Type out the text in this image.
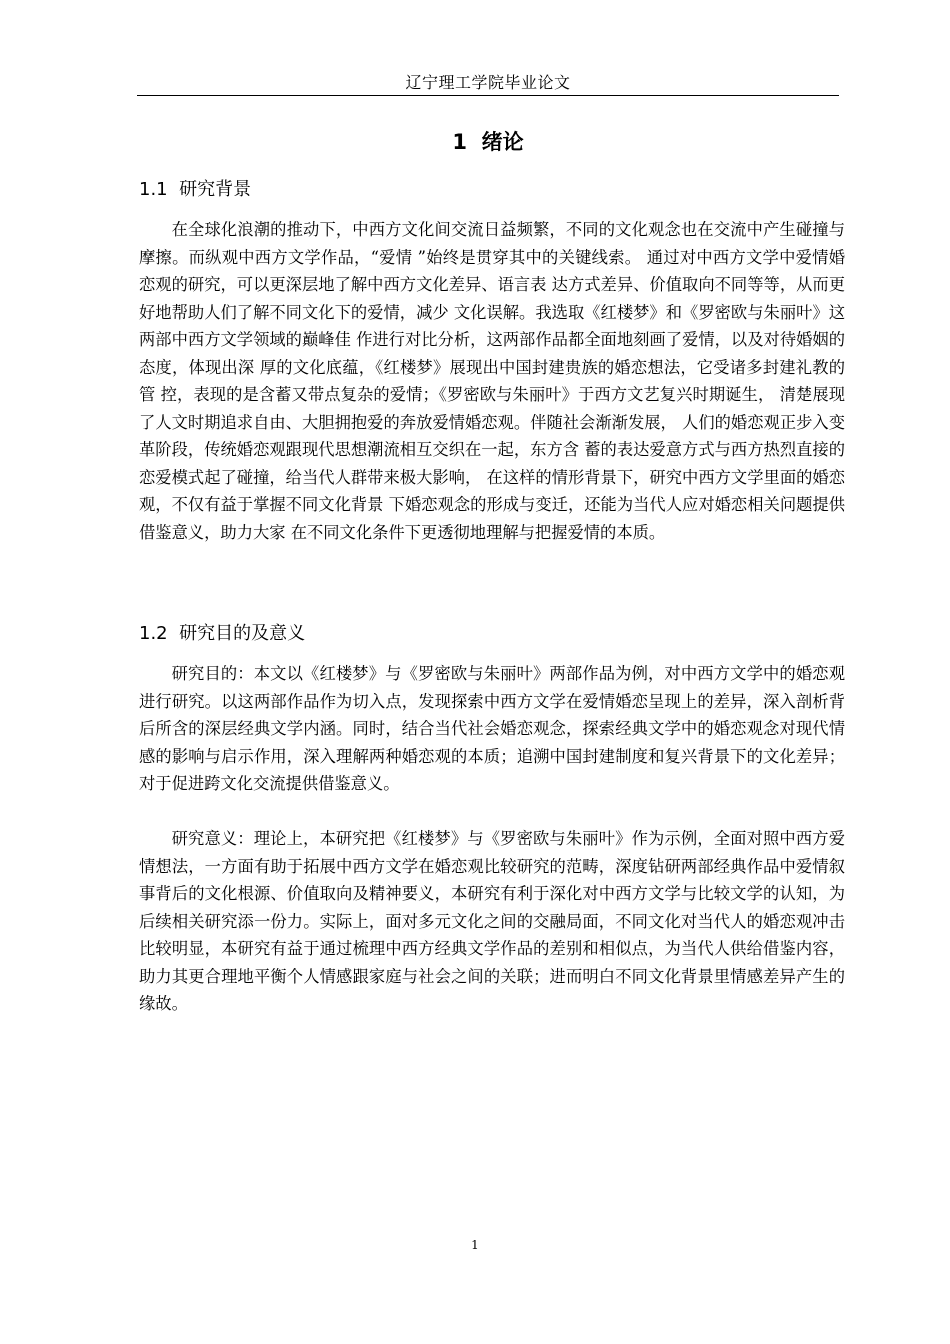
辽宁理工学院毕业论文
1 绪论
1.1 研究背景

在全球化浪潮的推动下，中西方文化间交流日益频繁，不同的文化观念也在交流中产生碰撞与摩擦。而纵观中西方文学作品，“爱情 ”始终是贯穿其中的关键线索。 通过对中西方文学中爱情婚恋观的研究，可以更深层地了解中西方文化差异、语言表 达方式差异、价值取向不同等等，从而更好地帮助人们了解不同文化下的爱情，减少 文化误解。我选取《红楼梦》和《罗密欧与朱丽叶》这两部中西方文学领域的巅峰佳 作进行对比分析，这两部作品都全面地刻画了爱情，以及对待婚姻的态度，体现出深 厚的文化底蕴，《红楼梦》展现出中国封建贵族的婚恋想法，它受诸多封建礼教的管 控，表现的是含蓄又带点复杂的爱情；《罗密欧与朱丽叶》于西方文艺复兴时期诞生， 清楚展现了人文时期追求自由、大胆拥抱爱的奔放爱情婚恋观。伴随社会渐渐发展， 人们的婚恋观正步入变革阶段，传统婚恋观跟现代思想潮流相互交织在一起，东方含 蓄的表达爱意方式与西方热烈直接的恋爱模式起了碰撞，给当代人群带来极大影响， 在这样的情形背景下，研究中西方文学里面的婚恋观，不仅有益于掌握不同文化背景 下婚恋观念的形成与变迁，还能为当代人应对婚恋相关问题提供借鉴意义，助力大家 在不同文化条件下更透彻地理解与把握爱情的本质。

1.2 研究目的及意义

研究目的：本文以《红楼梦》与《罗密欧与朱丽叶》两部作品为例，对中西方文学中的婚恋观进行研究。以这两部作品作为切入点，发现探索中西方文学在爱情婚恋呈现上的差异，深入剖析背后所含的深层经典文学内涵。同时，结合当代社会婚恋观念，探索经典文学中的婚恋观念对现代情感的影响与启示作用，深入理解两种婚恋观的本质；追溯中国封建制度和复兴背景下的文化差异；对于促进跨文化交流提供借鉴意义。

研究意义：理论上，本研究把《红楼梦》与《罗密欧与朱丽叶》作为示例，全面对照中西方爱情想法，一方面有助于拓展中西方文学在婚恋观比较研究的范畴，深度钻研两部经典作品中爱情叙事背后的文化根源、价值取向及精神要义，本研究有利于深化对中西方文学与比较文学的认知，为后续相关研究添一份力。实际上，面对多元文化之间的交融局面，不同文化对当代人的婚恋观冲击比较明显，本研究有益于通过梳理中西方经典文学作品的差别和相似点，为当代人供给借鉴内容，助力其更合理地平衡个人情感跟家庭与社会之间的关联；进而明白不同文化背景里情感差异产生的缘故。

1
